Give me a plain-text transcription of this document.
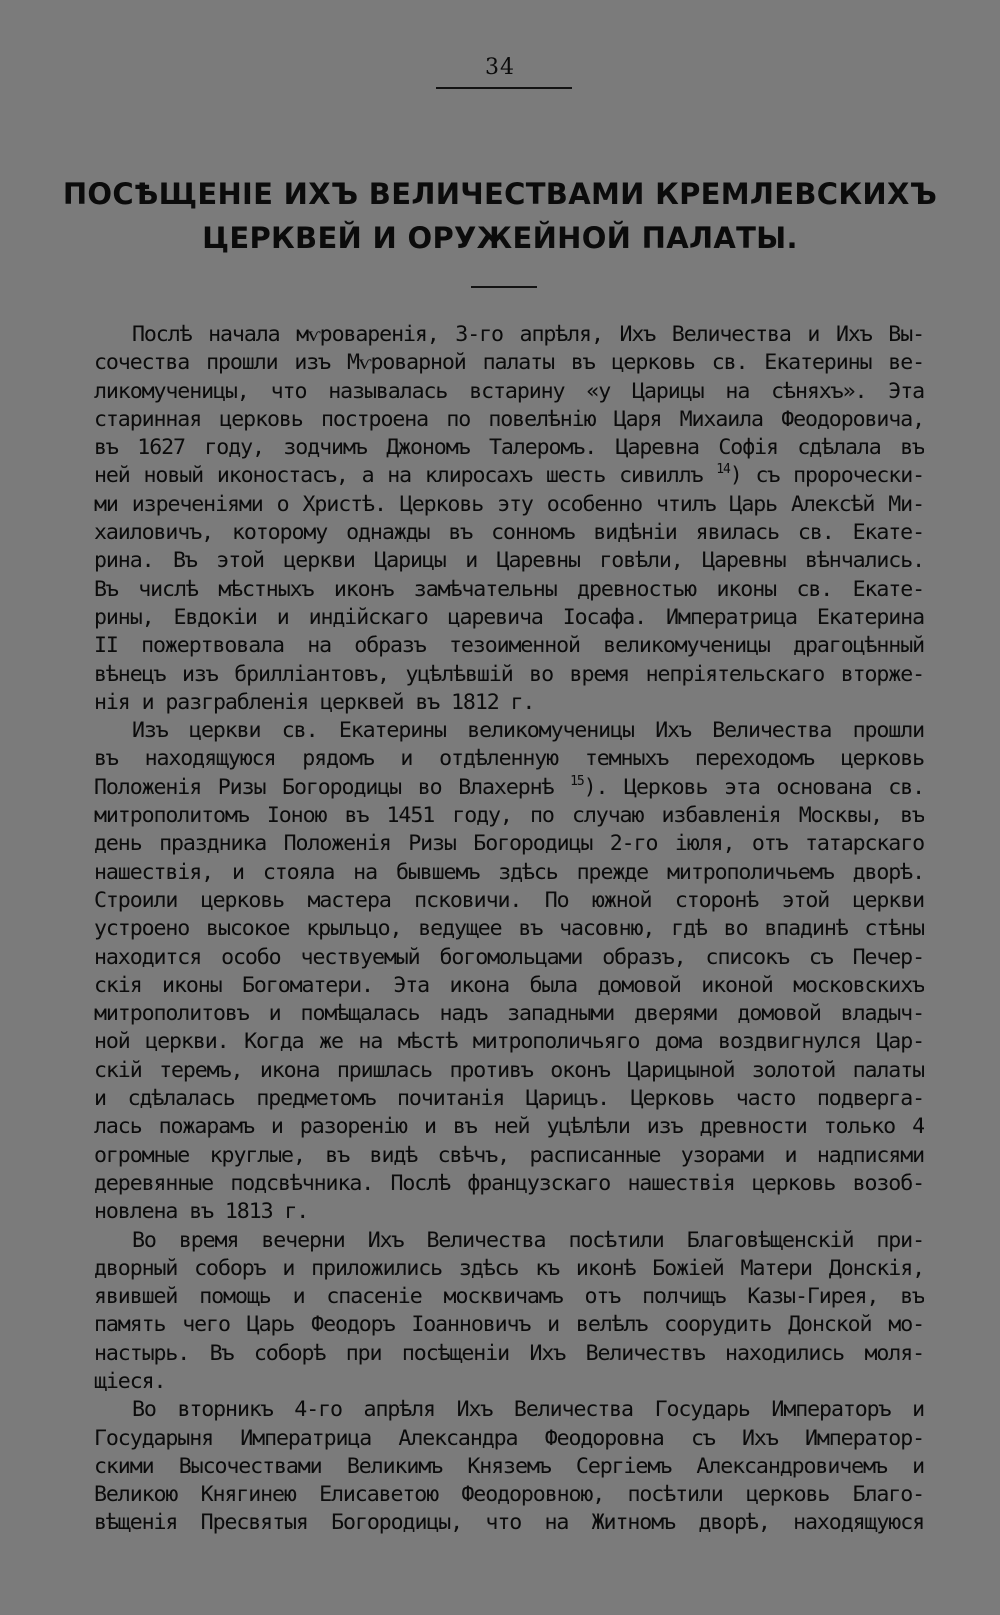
34
ПОСѢЩЕНІЕ ИХЪ ВЕЛИЧЕСТВАМИ КРЕМЛЕВСКИХЪ
ЦЕРКВЕЙ И ОРУЖЕЙНОЙ ПАЛАТЫ.
Послѣ начала мѵроваренія, 3-го апрѣля, Ихъ Величества и Ихъ Вы-
сочества прошли изъ Мѵроварной палаты въ церковь св. Екатерины ве-
ликомученицы, что называлась встарину «у Царицы на сѣняхъ». Эта
старинная церковь построена по повелѣнію Царя Михаила Феодоровича,
въ 1627 году, зодчимъ Джономъ Талеромъ. Царевна Софія сдѣлала въ
ней новый иконостасъ, а на клиросахъ шесть сивиллъ $^{14}$) съ пророчески-
ми изреченіями о Христѣ. Церковь эту особенно чтилъ Царь Алексѣй Ми-
хаиловичъ, которому однажды въ сонномъ видѣніи явилась св. Екате-
рина. Въ этой церкви Царицы и Царевны говѣли, Царевны вѣнчались.
Въ числѣ мѣстныхъ иконъ замѣчательны древностью иконы св. Екате-
рины, Евдокіи и индійскаго царевича Іосафа. Императрица Екатерина
II пожертвовала на образъ тезоименной великомученицы драгоцѣнный
вѣнецъ изъ бриллiантовъ, уцѣлѣвшій во время непріятельскаго вторже-
нія и разграбленія церквей въ 1812 г.
Изъ церкви св. Екатерины великомученицы Ихъ Величества прошли
въ находящуюся рядомъ и отдѣленную темныхъ переходомъ церковь
Положенія Ризы Богородицы во Влахернѣ $^{15}$). Церковь эта основана св.
митрополитомъ Іоною въ 1451 году, по случаю избавленія Москвы, въ
день праздника Положенія Ризы Богородицы 2-го іюля, отъ татарскаго
нашествія, и стояла на бывшемъ здѣсь прежде митрополичьемъ дворѣ.
Строили церковь мастера псковичи. По южной сторонѣ этой церкви
устроено высокое крыльцо, ведущее въ часовню, гдѣ во впадинѣ стѣны
находится особо чествуемый богомольцами образъ, списокъ съ Печер-
скія иконы Богоматери. Эта икона была домовой иконой московскихъ
митрополитовъ и помѣщалась надъ западными дверями домовой владыч-
ной церкви. Когда же на мѣстѣ митрополичьяго дома воздвигнулся Цар-
скій теремъ, икона пришлась противъ оконъ Царицыной золотой палаты
и сдѣлалась предметомъ почитанія Царицъ. Церковь часто подверга-
лась пожарамъ и разоренію и въ ней уцѣлѣли изъ древности только 4
огромные круглые, въ видѣ свѣчъ, расписанные узорами и надписями
деревянные подсвѣчника. Послѣ французскаго нашествія церковь возоб-
новлена въ 1813 г.
Во время вечерни Ихъ Величества посѣтили Благовѣщенскій при-
дворный соборъ и приложились здѣсь къ иконѣ Божіей Матери Донскія,
явившей помощь и спасеніе москвичамъ отъ полчищъ Казы-Гирея, въ
память чего Царь Феодоръ Іоанновичъ и велѣлъ соорудить Донской мо-
настырь. Въ соборѣ при посѣщеніи Ихъ Величествъ находились моля-
щіеся.
Во вторникъ 4-го апрѣля Ихъ Величества Государь Императоръ и
Государыня Императрица Александра Феодоровна съ Ихъ Император-
скими Высочествами Великимъ Княземъ Сергіемъ Александровичемъ и
Великою Княгинею Елисаветою Феодоровною, посѣтили церковь Благо-
вѣщенія Пресвятыя Богородицы, что на Житномъ дворѣ, находящуюся
